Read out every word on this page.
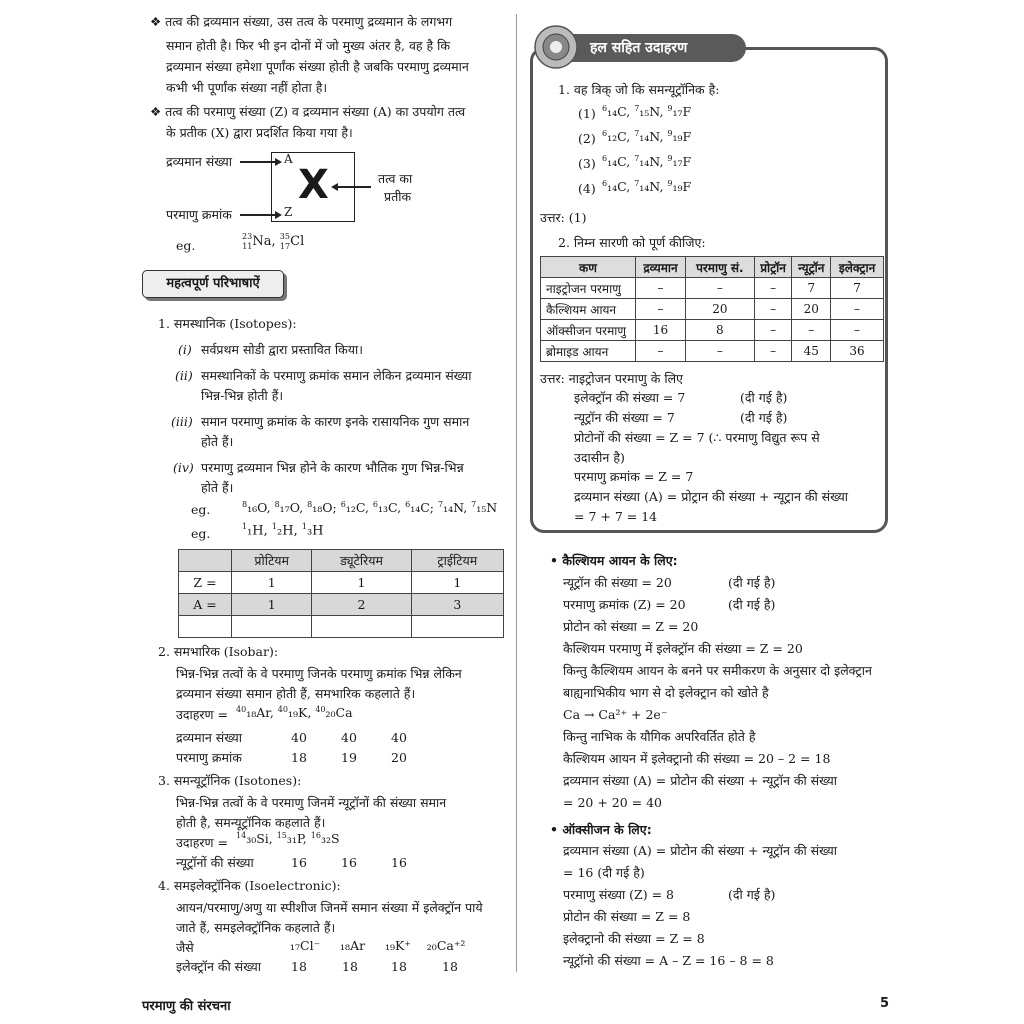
❖ तत्व की द्रव्यमान संख्या, उस तत्व के परमाणु द्रव्यमान के लगभग
समान होती है। फिर भी इन दोनों में जो मुख्य अंतर है, वह है कि
द्रव्यमान संख्या हमेशा पूर्णांक संख्या होती है जबकि परमाणु द्रव्यमान
कभी भी पूर्णांक संख्या नहीं होता है।
❖ तत्व की परमाणु संख्या (Z) व द्रव्यमान संख्या (A) का उपयोग तत्व
के प्रतीक (X) द्वारा प्रदर्शित किया गया है।
द्रव्यमान संख्या
परमाणु क्रमांक
A
X
Z
तत्व का
प्रतीक
eg.
$^{23}_{11}$Na, $^{35}_{17}$Cl
महत्वपूर्ण परिभाषाऐं
1. समस्थानिक (Isotopes):
(i) सर्वप्रथम सोडी द्वारा प्रस्तावित किया।
(ii) समस्थानिकों के परमाणु क्रमांक समान लेकिन द्रव्यमान संख्या
भिन्न-भिन्न होती हैं।
(iii) समान परमाणु क्रमांक के कारण इनके रासायनिक गुण समान
होते हैं।
(iv) परमाणु द्रव्यमान भिन्न होने के कारण भौतिक गुण भिन्न-भिन्न
होते हैं।
eg.	$^8$₁₆O, $^8$₁₇O, $^8$₁₈O; $^6$₁₂C, $^6$₁₃C, $^6$₁₄C; $^7$₁₄N, $^7$₁₅N
eg.	$^1$₁H, $^1$₂H, $^1$₃H
	प्रोटियम	ड्यूटेरियम	ट्राईटियम
Z =	1	1	1
A =	1	2	3

2. समभारिक (Isobar):
भिन्न-भिन्न तत्वों के वे परमाणु जिनके परमाणु क्रमांक भिन्न लेकिन
द्रव्यमान संख्या समान होती हैं, समभारिक कहलाते हैं।
उदाहरण = $^{40}$₁₈Ar, $^{40}$₁₉K, $^{40}$₂₀Ca
द्रव्यमान संख्या	40	40	40
परमाणु क्रमांक	18	19	20
3. समन्यूट्रॉनिक (Isotones):
भिन्न-भिन्न तत्वों के वे परमाणु जिनमें न्यूट्रॉनों की संख्या समान
होती है, समन्यूट्रॉनिक कहलाते हैं।
उदाहरण = $^{14}$₃₀Si, $^{15}$₃₁P, $^{16}$₃₂S
न्यूट्रॉनों की संख्या	16	16	16
4. समइलेक्ट्रॉनिक (Isoelectronic):
आयन/परमाणु/अणु या स्पीशीज जिनमें समान संख्या में इलेक्ट्रॉन पाये
जाते हैं, समइलेक्ट्रॉनिक कहलाते हैं।
जैसे	₁₇Cl⁻     ₁₈Ar     ₁₉K⁺    ₂₀Ca⁺²
इलेक्ट्रॉन की संख्या 18	18	18	18
हल सहित उदाहरण
1. वह त्रिक् जो कि समन्यूट्रॉनिक है:
(1) $^6$₁₄C, $^7$₁₅N, $^9$₁₇F
(2) $^6$₁₂C, $^7$₁₄N, $^9$₁₉F
(3) $^6$₁₄C, $^7$₁₄N, $^9$₁₇F
(4) $^6$₁₄C, $^7$₁₄N, $^9$₁₉F
उत्तर: (1)
2. निम्न सारणी को पूर्ण कीजिए:
कण	द्रव्यमान	परमाणु सं.	प्रोट्रॉन	न्यूट्रॉन	इलेक्ट्रान
नाइट्रोजन परमाणु	–	–	–	7	7
कैल्शियम आयन	–	20	–	20	–
ऑक्सीजन परमाणु	16	8	–	–	–
ब्रोमाइड आयन	–	–	–	45	36
उत्तर: नाइट्रोजन परमाणु के लिए
इलेक्ट्रॉन की संख्या = 7	(दी गई है)
न्यूट्रॉन की संख्या = 7	(दी गई है)
प्रोटोनों की संख्या = Z = 7 (∴ परमाणु विद्युत रूप से
उदासीन है)
परमाणु क्रमांक = Z = 7
द्रव्यमान संख्या (A) = प्रोट्रान की संख्या + न्यूट्रान की संख्या
= 7 + 7 = 14
• कैल्शियम आयन के लिए:
न्यूट्रॉन की संख्या = 20	(दी गई है)
परमाणु क्रमांक (Z) = 20	(दी गई है)
प्रोटोन को संख्या = Z = 20
कैल्शियम परमाणु में इलेक्ट्रॉन की संख्या = Z = 20
किन्तु कैल्शियम आयन के बनने पर समीकरण के अनुसार दो इलेक्ट्रान
बाह्यनाभिकीय भाग से दो इलेक्ट्रान को खोते है
Ca → Ca²⁺ + 2e⁻
किन्तु नाभिक के यौगिक अपरिवर्तित होते है
कैल्शियम आयन में इलेक्ट्रानो की संख्या = 20 – 2 = 18
द्रव्यमान संख्या (A) = प्रोटोन की संख्या + न्यूट्रॉन की संख्या
= 20 + 20 = 40
• ऑक्सीजन के लिए:
द्रव्यमान संख्या (A) = प्रोटोन की संख्या + न्यूट्रॉन की संख्या
= 16 (दी गई है)
परमाणु संख्या (Z) = 8	(दी गई है)
प्रोटोन की संख्या = Z = 8
इलेक्ट्रानो की संख्या = Z = 8
न्यूट्रॉनो की संख्या = A – Z = 16 – 8 = 8
परमाणु की संरचना	5
